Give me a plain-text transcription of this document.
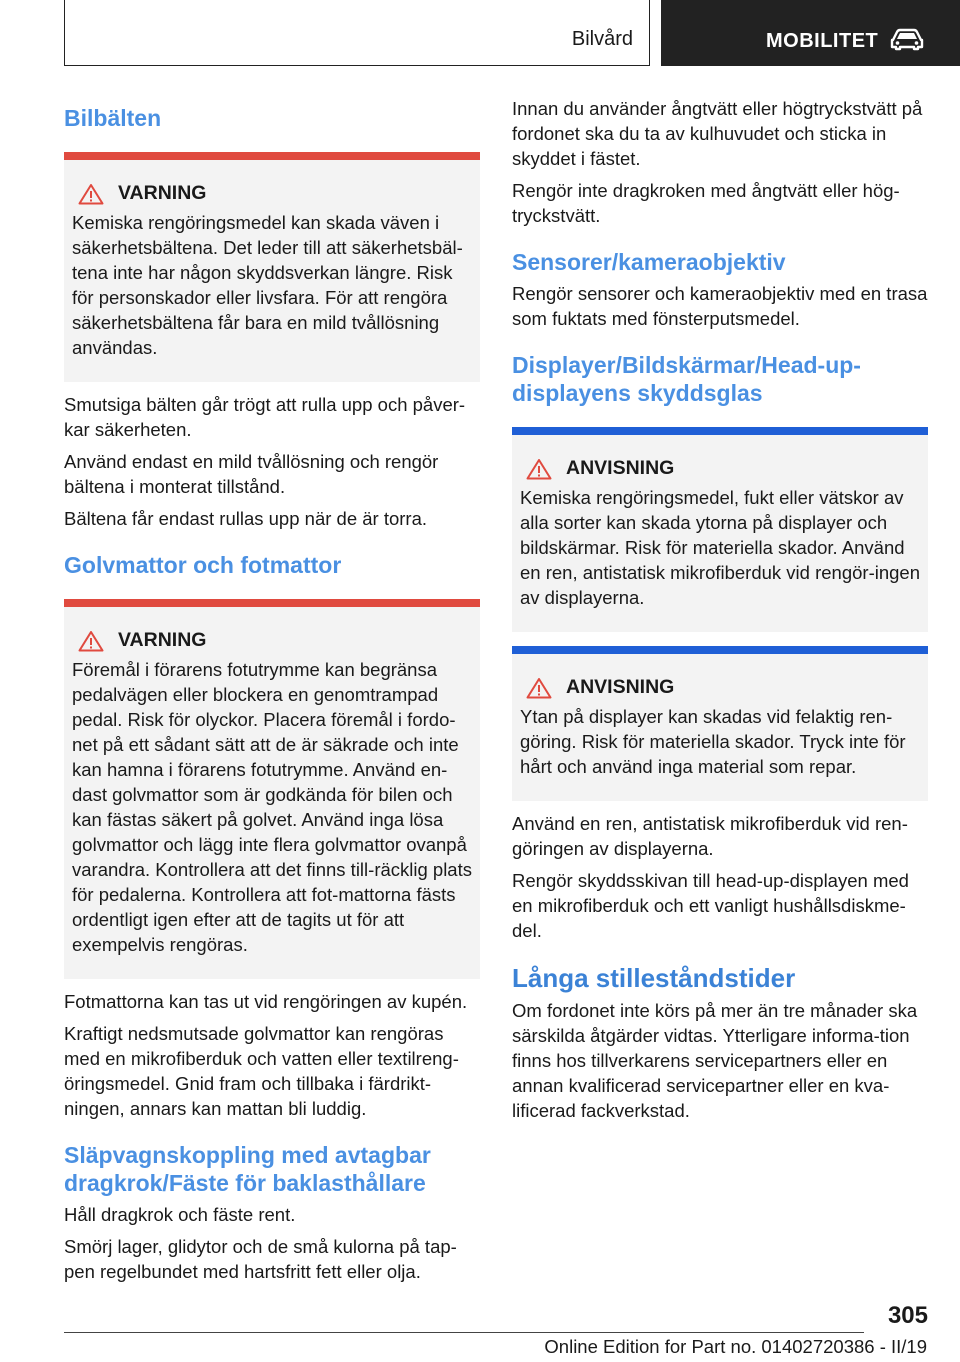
Bilvård	MOBILITET
Bilbälten
VARNING
Kemiska rengöringsmedel kan skada väven i säkerhetsbältena. Det leder till att säkerhetsbäl-tena inte har någon skyddsverkan längre. Risk för personskador eller livsfara. För att rengöra säkerhetsbältena får bara en mild tvållösning användas.

Smutsiga bälten går trögt att rulla upp och påver-kar säkerheten.

Använd endast en mild tvållösning och rengör bältena i monterat tillstånd.

Bältena får endast rullas upp när de är torra.

Golvmattor och fotmattor
VARNING
Föremål i förarens fotutrymme kan begränsa pedalvägen eller blockera en genomtrampad pedal. Risk för olyckor. Placera föremål i fordo-net på ett sådant sätt att de är säkrade och inte kan hamna i förarens fotutrymme. Använd en-dast golvmattor som är godkända för bilen och kan fästas säkert på golvet. Använd inga lösa golvmattor och lägg inte flera golvmattor ovanpå varandra. Kontrollera att det finns till-räcklig plats för pedalerna. Kontrollera att fot-mattorna fästs ordentligt igen efter att de tagits ut för att exempelvis rengöras.

Fotmattorna kan tas ut vid rengöringen av kupén.

Kraftigt nedsmutsade golvmattor kan rengöras med en mikrofiberduk och vatten eller textilreng-öringsmedel. Gnid fram och tillbaka i färdrikt-ningen, annars kan mattan bli luddig.

Släpvagnskoppling med avtagbar dragkrok/Fäste för baklasthållare

Håll dragkrok och fäste rent.

Smörj lager, glidytor och de små kulorna på tap-pen regelbundet med hartsfritt fett eller olja.

Innan du använder ångtvätt eller högtryckstvätt på fordonet ska du ta av kulhuvudet och sticka in skyddet i fästet.

Rengör inte dragkroken med ångtvätt eller hög-tryckstvätt.

Sensorer/kameraobjektiv

Rengör sensorer och kameraobjektiv med en trasa som fuktats med fönsterputsmedel.

Displayer/Bildskärmar/Head-up-displayens skyddsglas
ANVISNING
Kemiska rengöringsmedel, fukt eller vätskor av alla sorter kan skada ytorna på displayer och bildskärmar. Risk för materiella skador. Använd en ren, antistatisk mikrofiberduk vid rengör-ingen av displayerna.
ANVISNING
Ytan på displayer kan skadas vid felaktig ren-göring. Risk för materiella skador. Tryck inte för hårt och använd inga material som repar.

Använd en ren, antistatisk mikrofiberduk vid ren-göringen av displayerna.

Rengör skyddsskivan till head-up-displayen med en mikrofiberduk och ett vanligt hushållsdiskme-del.

Långa stilleståndstider

Om fordonet inte körs på mer än tre månader ska särskilda åtgärder vidtas. Ytterligare informa-tion finns hos tillverkarens servicepartners eller en annan kvalificerad servicepartner eller en kva-lificerad fackverkstad.

305
Online Edition for Part no. 01402720386 - II/19
